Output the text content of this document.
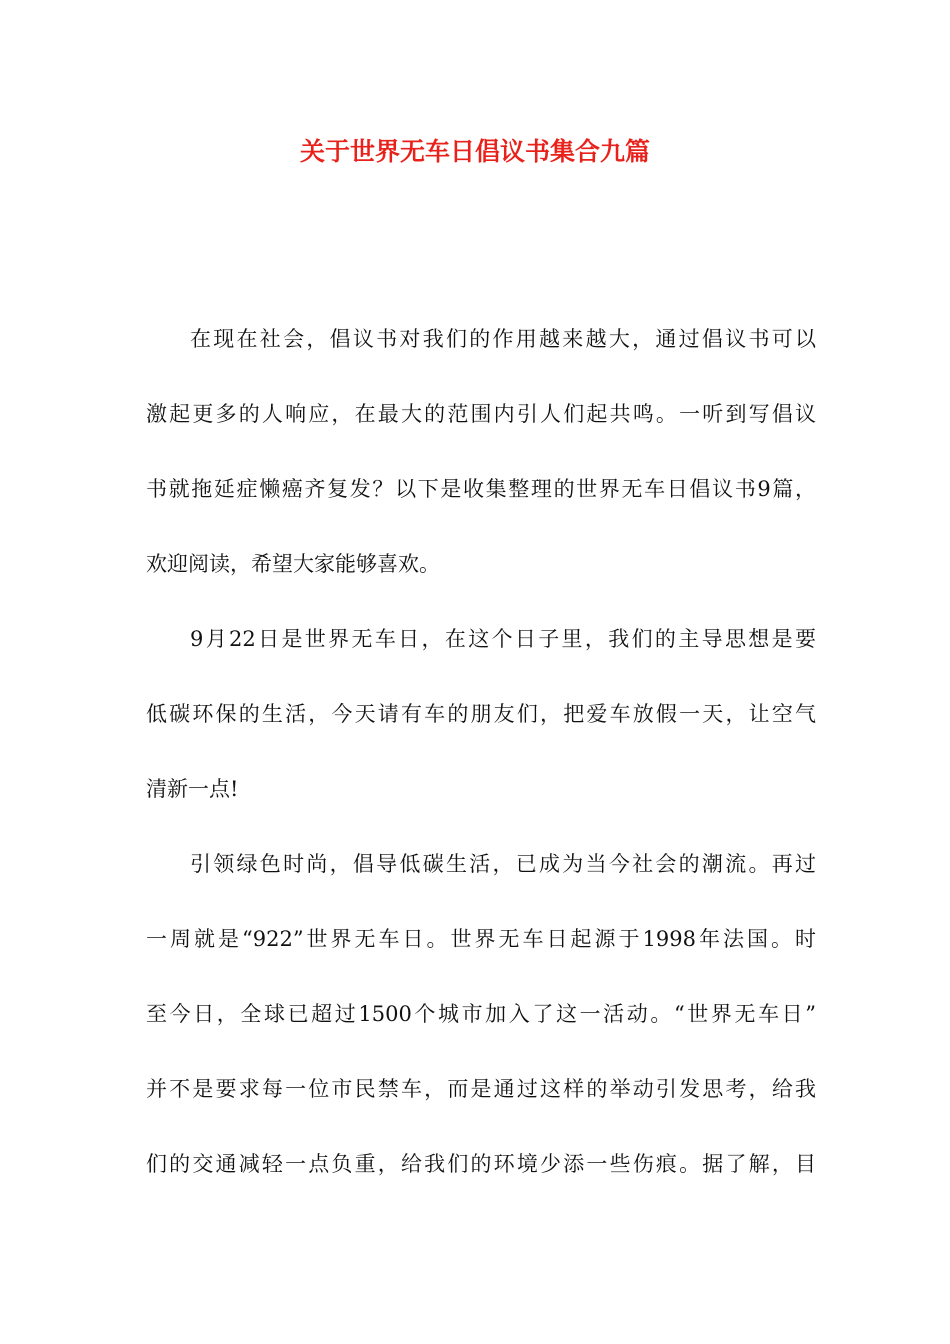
关于世界无车日倡议书集合九篇

在现在社会，倡议书对我们的作用越来越大，通过倡议书可以

激起更多的人响应，在最大的范围内引人们起共鸣。一听到写倡议

书就拖延症懒癌齐复发？以下是收集整理的世界无车日倡议书9篇，

欢迎阅读，希望大家能够喜欢。

9月22日是世界无车日，在这个日子里，我们的主导思想是要

低碳环保的生活，今天请有车的朋友们，把爱车放假一天，让空气

清新一点!

引领绿色时尚，倡导低碳生活，已成为当今社会的潮流。再过

一周就是“922”世界无车日。世界无车日起源于1998年法国。时

至今日，全球已超过1500个城市加入了这一活动。“世界无车日”

并不是要求每一位市民禁车，而是通过这样的举动引发思考，给我

们的交通减轻一点负重，给我们的环境少添一些伤痕。据了解，目
